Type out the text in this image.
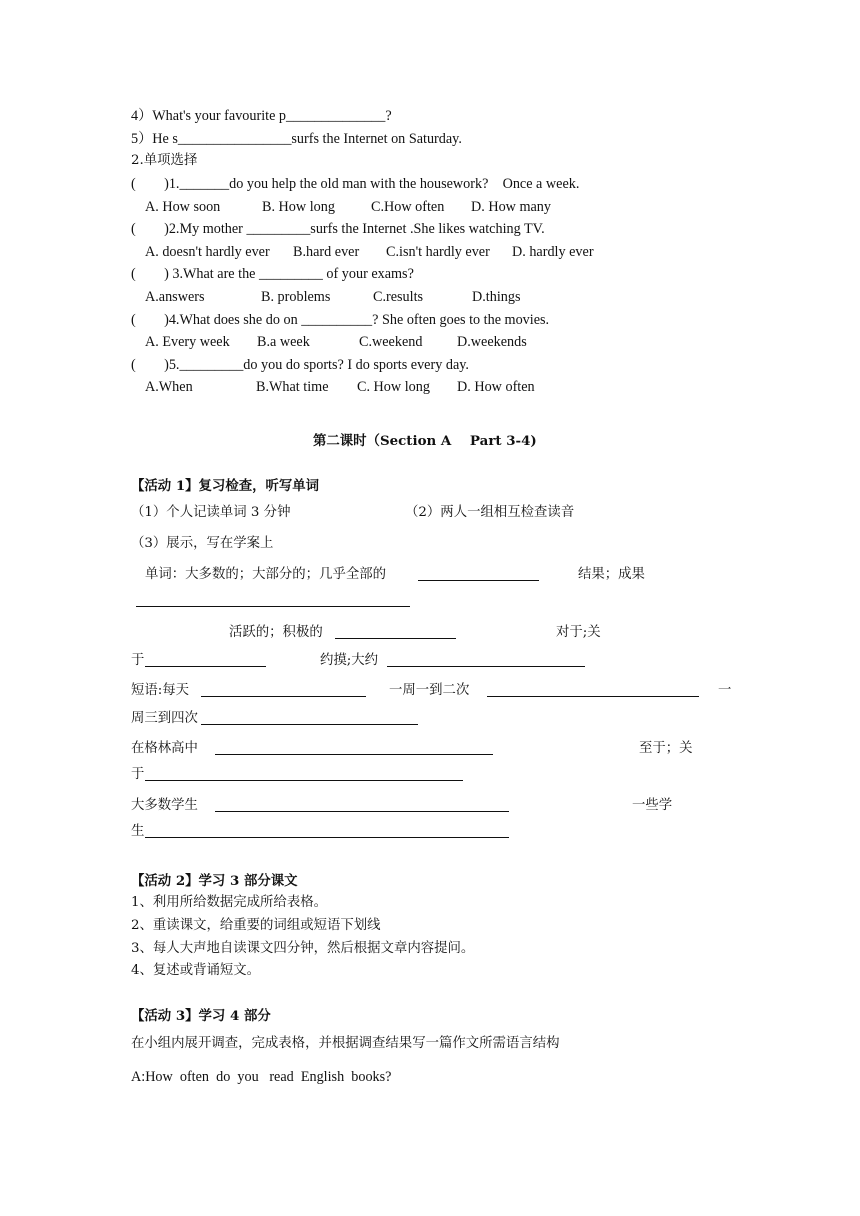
4）What's your favourite p______________?
5）He s________________surfs the Internet on Saturday.
2.单项选择
(        )1._______do you help the old man with the housework?    Once a week.
A. How soon	B. How long	C.How often D. How many
(        )2.My mother _________surfs the Internet .She likes watching TV.
A. doesn't hardly ever B.hard ever C.isn't hardly ever D. hardly ever
(        ) 3.What are the _________ of your exams?
A.answers	B. problems	C.results	D.things
(        )4.What does she do on __________? She often goes to the movies.
A. Every week B.a week	C.weekend D.weekends
(        )5._________do you do sports? I do sports every day.
A.When	B.What time C. How long D. How often
第二课时（Section A    Part 3-4)
【活动 1】复习检查，听写单词
（1）个人记读单词 3 分钟	（2）两人一组相互检查读音
（3）展示，写在学案上
单词：大多数的；大部分的；几乎全部的	结果；成果
活跃的；积极的	对于;关
于	约摸;大约
短语:每天	一周一到二次	一
周三到四次
在格林高中	至于；关
于
大多数学生	一些学
生
【活动 2】学习 3 部分课文
1、利用所给数据完成所给表格。
2、重读课文，给重要的词组或短语下划线
3、每人大声地自读课文四分钟，然后根据文章内容提问。
4、复述或背诵短文。
【活动 3】学习 4 部分
在小组内展开调查，完成表格，并根据调查结果写一篇作文所需语言结构
A:How  often  do  you   read  English  books?
